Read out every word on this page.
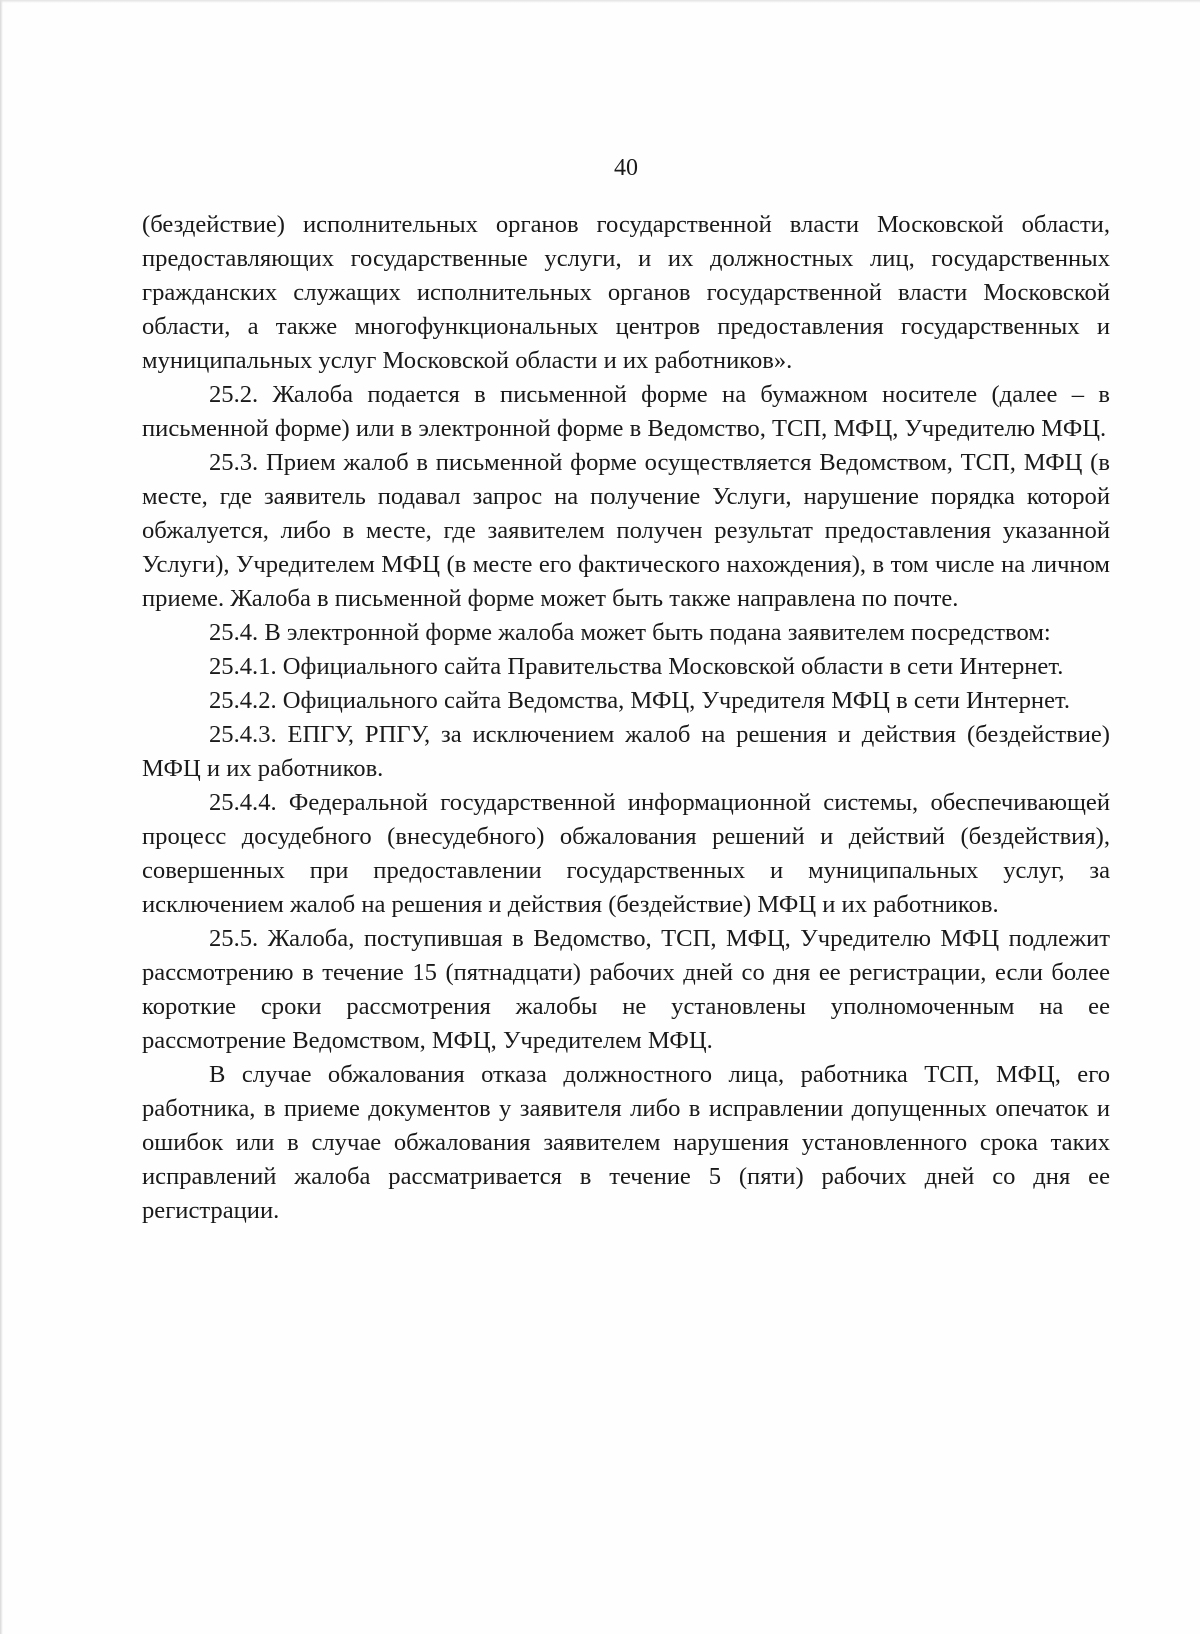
40

(бездействие) исполнительных органов государственной власти Московской области, предоставляющих государственные услуги, и их должностных лиц, государственных гражданских служащих исполнительных органов государственной власти Московской области, а также многофункциональных центров предоставления государственных и муниципальных услуг Московской области и их работников».

25.2. Жалоба подается в письменной форме на бумажном носителе (далее – в письменной форме) или в электронной форме в Ведомство, ТСП, МФЦ, Учредителю МФЦ.

25.3. Прием жалоб в письменной форме осуществляется Ведомством, ТСП, МФЦ (в месте, где заявитель подавал запрос на получение Услуги, нарушение порядка которой обжалуется, либо в месте, где заявителем получен результат предоставления указанной Услуги), Учредителем МФЦ (в месте его фактического нахождения), в том числе на личном приеме. Жалоба в письменной форме может быть также направлена по почте.

25.4. В электронной форме жалоба может быть подана заявителем посредством:

25.4.1. Официального сайта Правительства Московской области в сети Интернет.

25.4.2. Официального сайта Ведомства, МФЦ, Учредителя МФЦ в сети Интернет.

25.4.3. ЕПГУ, РПГУ, за исключением жалоб на решения и действия (бездействие) МФЦ и их работников.

25.4.4. Федеральной государственной информационной системы, обеспечивающей процесс досудебного (внесудебного) обжалования решений и действий (бездействия), совершенных при предоставлении государственных и муниципальных услуг, за исключением жалоб на решения и действия (бездействие) МФЦ и их работников.

25.5. Жалоба, поступившая в Ведомство, ТСП, МФЦ, Учредителю МФЦ подлежит рассмотрению в течение 15 (пятнадцати) рабочих дней со дня ее регистрации, если более короткие сроки рассмотрения жалобы не установлены уполномоченным на ее рассмотрение Ведомством, МФЦ, Учредителем МФЦ.

В случае обжалования отказа должностного лица, работника ТСП, МФЦ, его работника, в приеме документов у заявителя либо в исправлении допущенных опечаток и ошибок или в случае обжалования заявителем нарушения установленного срока таких исправлений жалоба рассматривается в течение 5 (пяти) рабочих дней со дня ее регистрации.
